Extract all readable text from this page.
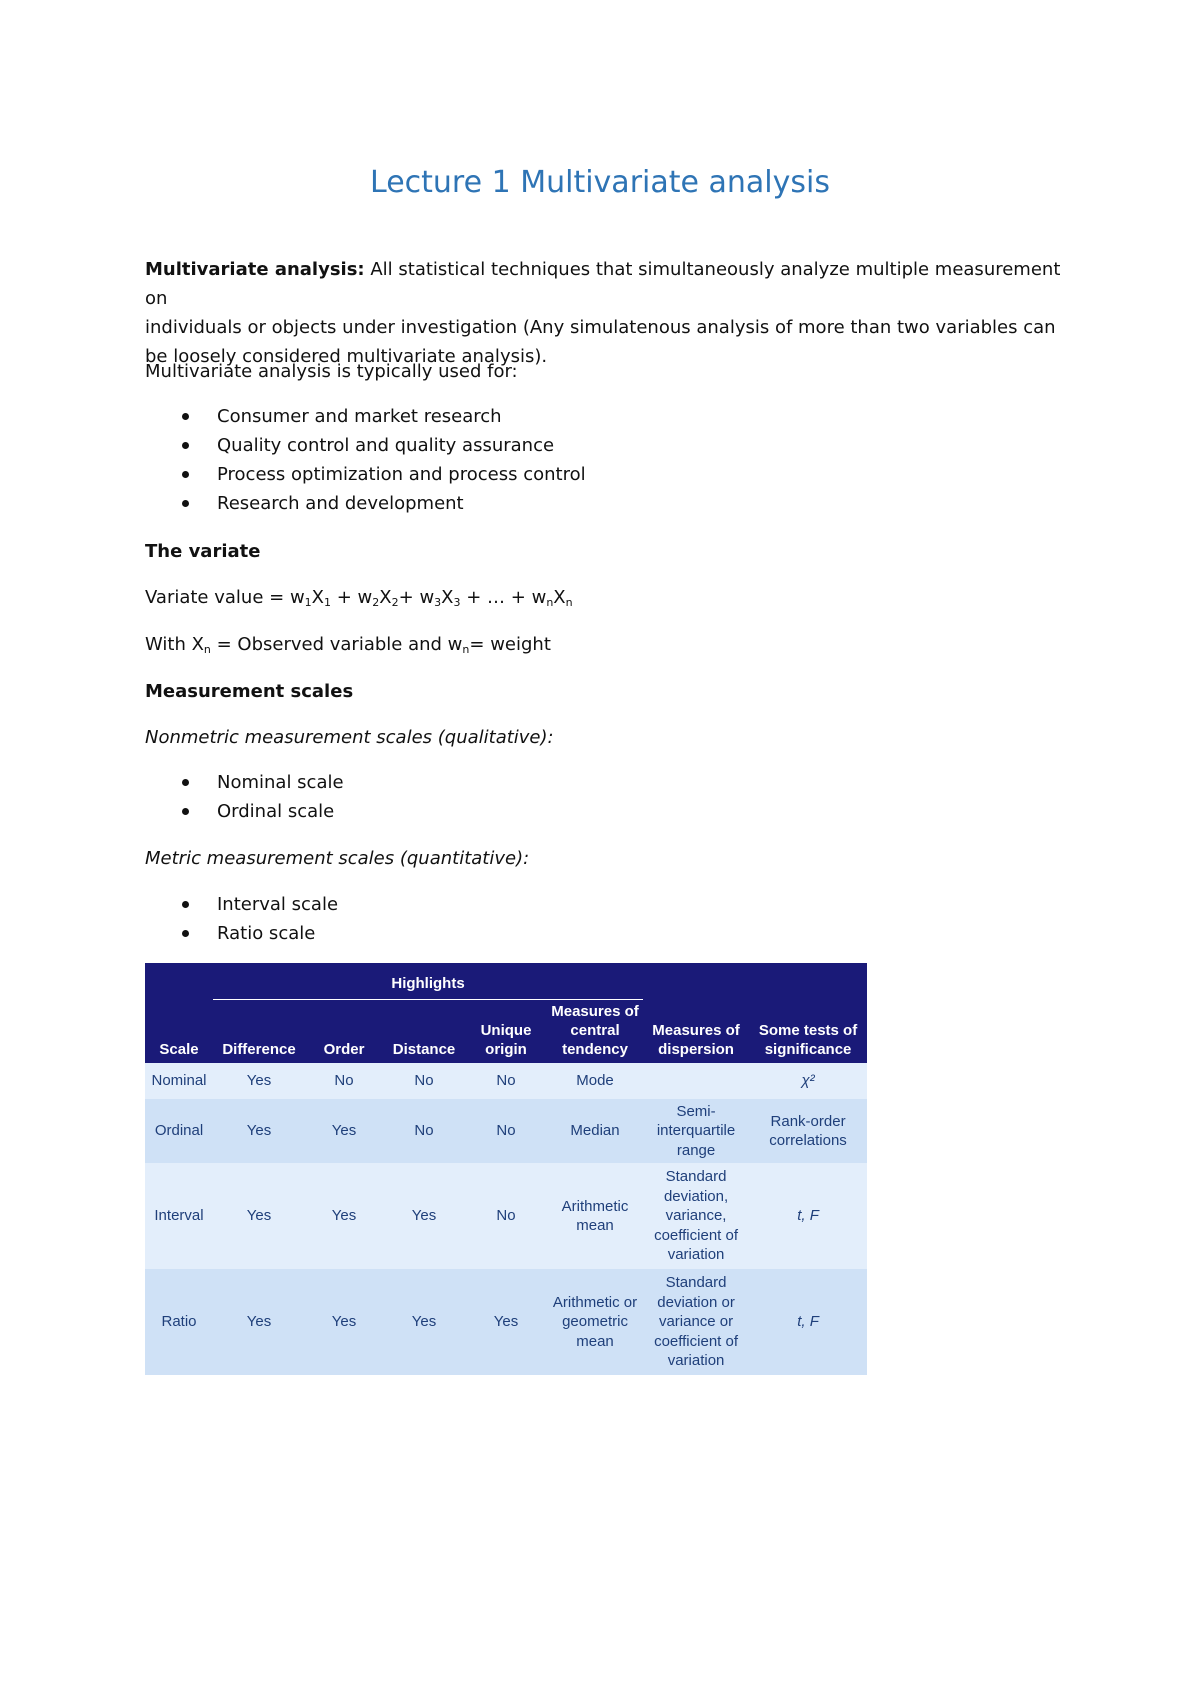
Lecture 1 Multivariate analysis

Multivariate analysis: All statistical techniques that simultaneously analyze multiple measurement on

individuals or objects under investigation (Any simulatenous analysis of more than two variables can

be loosely considered multivariate analysis).

Multivariate analysis is typically used for:

Consumer and market research
Quality control and quality assurance
Process optimization and process control
Research and development

The variate

Variate value = $w_1X_1 + w_2X_2+ w_3X_3$ + … + $w_nX_n$

With $X_n$ = Observed variable and $w_n=$ weight

Measurement scales

Nonmetric measurement scales (qualitative):

Nominal scale
Ordinal scale

Metric measurement scales (quantitative):

Interval scale
Ratio scale
	Highlights						
Scale	Difference	Order	Distance	Unique origin	Measures of central tendency	Measures of dispersion	Some tests of significance
Nominal	Yes	No	No	No	Mode		χ²
Ordinal	Yes	Yes	No	No	Median	Semi-interquartile range	Rank-order correlations
Interval	Yes	Yes	Yes	No	Arithmetic mean	Standard deviation, variance, coefficient of variation	t, F
Ratio	Yes	Yes	Yes	Yes	Arithmetic or geometric mean	Standard deviation or variance or coefficient of variation	t, F
